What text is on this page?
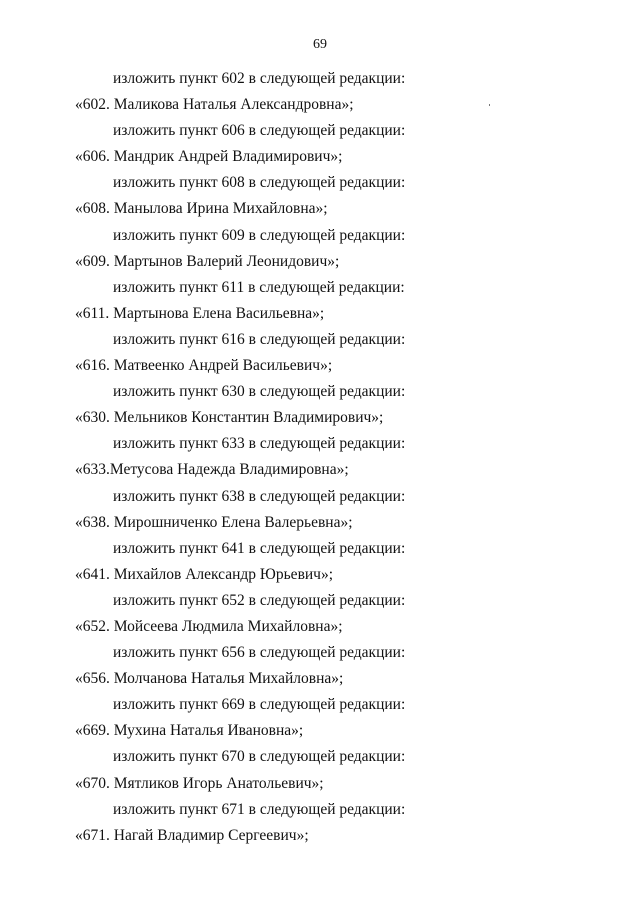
69
изложить пункт 602 в следующей редакции:
«602. Маликова Наталья Александровна»;
изложить пункт 606 в следующей редакции:
«606. Мандрик Андрей Владимирович»;
изложить пункт 608 в следующей редакции:
«608. Манылова Ирина Михайловна»;
изложить пункт 609 в следующей редакции:
«609. Мартынов Валерий Леонидович»;
изложить пункт 611 в следующей редакции:
«611. Мартынова Елена Васильевна»;
изложить пункт 616 в следующей редакции:
«616. Матвеенко Андрей Васильевич»;
изложить пункт 630 в следующей редакции:
«630. Мельников Константин Владимирович»;
изложить пункт 633 в следующей редакции:
«633.Метусова Надежда Владимировна»;
изложить пункт 638 в следующей редакции:
«638. Мирошниченко Елена Валерьевна»;
изложить пункт 641 в следующей редакции:
«641. Михайлов Александр Юрьевич»;
изложить пункт 652 в следующей редакции:
«652. Мойсеева Людмила Михайловна»;
изложить пункт 656 в следующей редакции:
«656. Молчанова Наталья Михайловна»;
изложить пункт 669 в следующей редакции:
«669. Мухина Наталья Ивановна»;
изложить пункт 670 в следующей редакции:
«670. Мятликов Игорь Анатольевич»;
изложить пункт 671 в следующей редакции:
«671. Нагай Владимир Сергеевич»;
